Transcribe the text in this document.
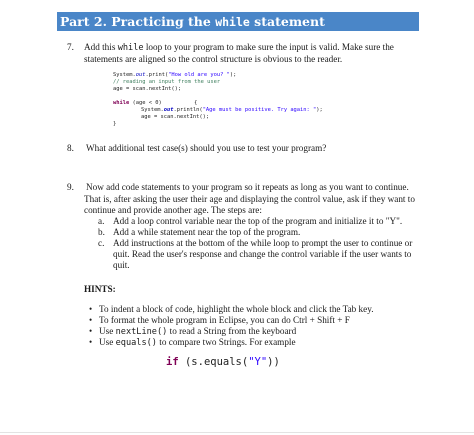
Part 2. Practicing the while statement
7. Add this while loop to your program to make sure the input is valid. Make sure the
statements are aligned so the control structure is obvious to the reader.
System.out.print("How old are you? ");
// reading an input from the user
age = scan.nextInt();
while (age < 0)          {
System.out.println("Age must be positive. Try again: ");
age = scan.nextInt();
}
8. What additional test case(s) should you use to test your program?
9. Now add code statements to your program so it repeats as long as you want to continue.
That is, after asking the user their age and displaying the control value, ask if they want to
continue and provide another age. The steps are:
a. Add a loop control variable near the top of the program and initialize it to "Y".
b. Add a while statement near the top of the program.
c. Add instructions at the bottom of the while loop to prompt the user to continue or
quit. Read the user's response and change the control variable if the user wants to
quit.
HINTS:
• To indent a block of code, highlight the whole block and click the Tab key.
• To format the whole program in Eclipse, you can do Ctrl + Shift + F
• Use nextLine() to read a String from the keyboard
• Use equals() to compare two Strings. For example
if (s.equals("Y"))
